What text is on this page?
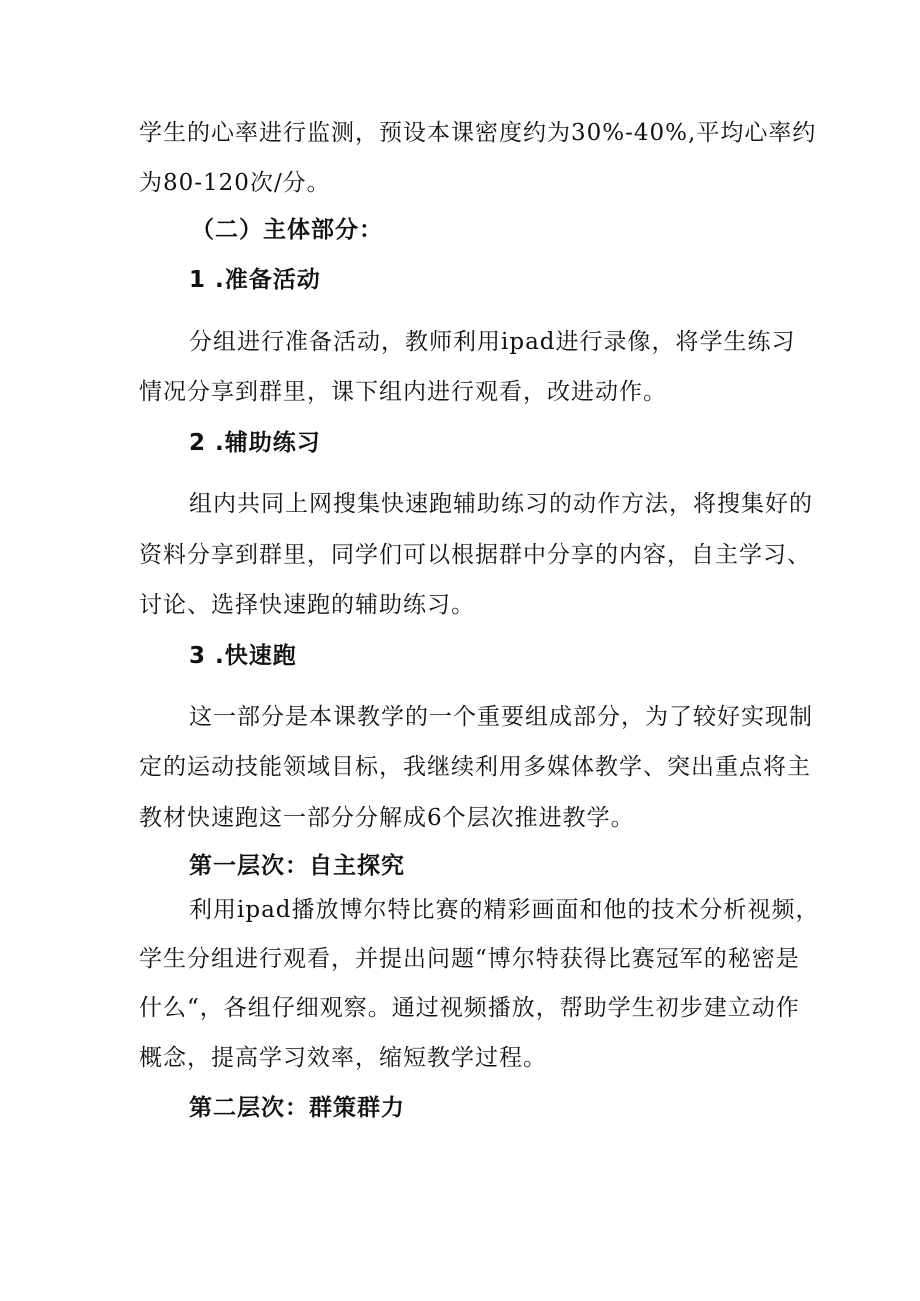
学生的心率进行监测，预设本课密度约为30%-40%,平均心率约
为80-120次/分。
（二）主体部分：
1 .准备活动
分组进行准备活动，教师利用ipad进行录像，将学生练习
情况分享到群里，课下组内进行观看，改进动作。
2 .辅助练习
组内共同上网搜集快速跑辅助练习的动作方法，将搜集好的
资料分享到群里，同学们可以根据群中分享的内容，自主学习、
讨论、选择快速跑的辅助练习。
3 .快速跑
这一部分是本课教学的一个重要组成部分，为了较好实现制
定的运动技能领域目标，我继续利用多媒体教学、突出重点将主
教材快速跑这一部分分解成6个层次推进教学。
第一层次：自主探究
利用ipad播放博尔特比赛的精彩画面和他的技术分析视频，
学生分组进行观看，并提出问题“博尔特获得比赛冠军的秘密是
什么“，各组仔细观察。通过视频播放，帮助学生初步建立动作
概念，提高学习效率，缩短教学过程。
第二层次：群策群力
